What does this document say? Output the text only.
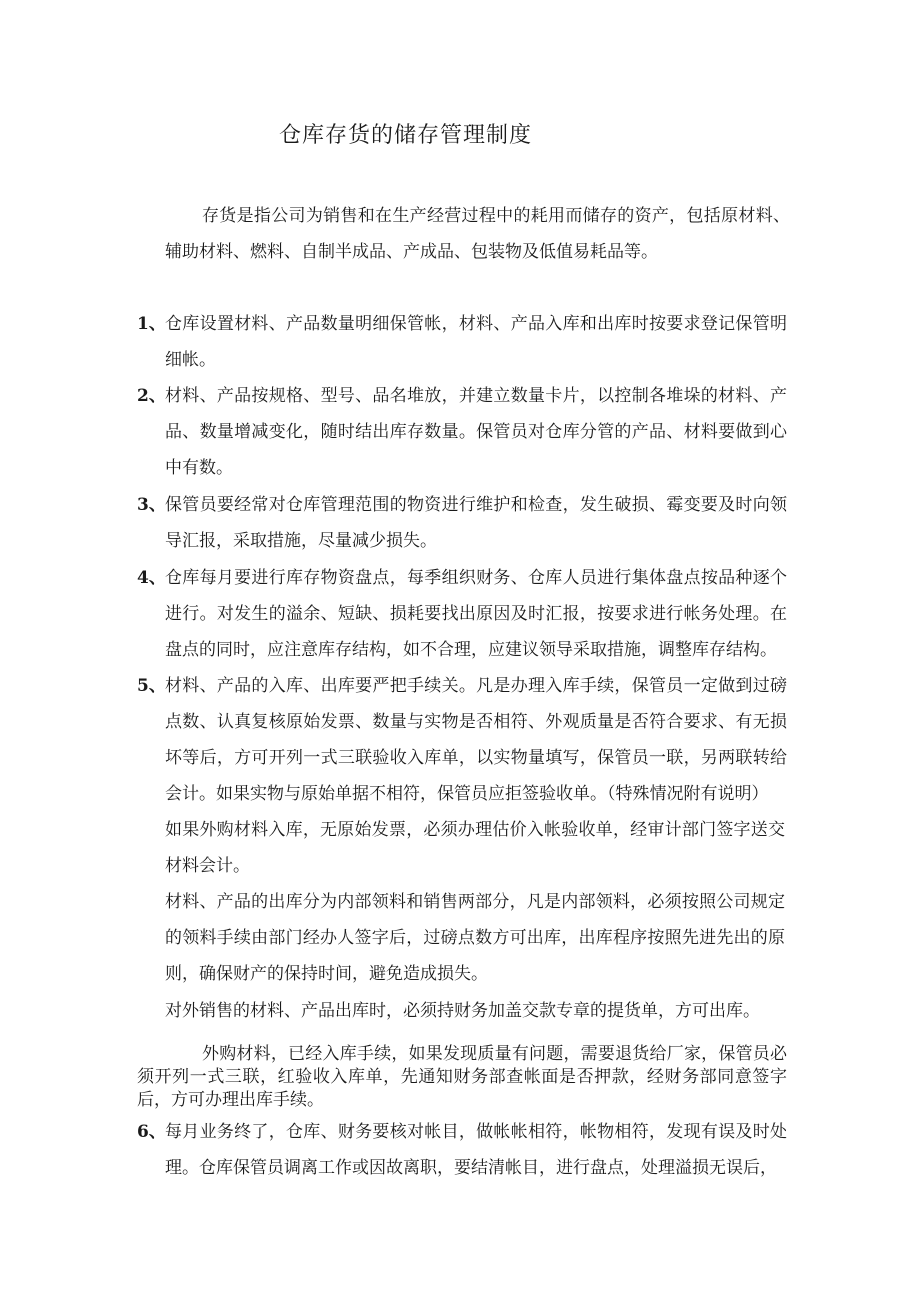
仓库存货的储存管理制度
存货是指公司为销售和在生产经营过程中的耗用而储存的资产，包括原材料、辅助材料、燃料、自制半成品、产成品、包装物及低值易耗品等。
1、 仓库设置材料、产品数量明细保管帐，材料、产品入库和出库时按要求登记保管明细帐。
2、 材料、产品按规格、型号、品名堆放，并建立数量卡片，以控制各堆垛的材料、产品、数量增减变化，随时结出库存数量。保管员对仓库分管的产品、材料要做到心中有数。
3、 保管员要经常对仓库管理范围的物资进行维护和检查，发生破损、霉变要及时向领导汇报，采取措施，尽量减少损失。
4、 仓库每月要进行库存物资盘点，每季组织财务、仓库人员进行集体盘点按品种逐个进行。对发生的溢余、短缺、损耗要找出原因及时汇报，按要求进行帐务处理。在盘点的同时，应注意库存结构，如不合理，应建议领导采取措施，调整库存结构。
5、 材料、产品的入库、出库要严把手续关。凡是办理入库手续，保管员一定做到过磅点数、认真复核原始发票、数量与实物是否相符、外观质量是否符合要求、有无损坏等后，方可开列一式三联验收入库单，以实物量填写，保管员一联，另两联转给会计。如果实物与原始单据不相符，保管员应拒签验收单。（特殊情况附有说明）
如果外购材料入库，无原始发票，必须办理估价入帐验收单，经审计部门签字送交材料会计。
材料、产品的出库分为内部领料和销售两部分，凡是内部领料，必须按照公司规定的领料手续由部门经办人签字后，过磅点数方可出库，出库程序按照先进先出的原则，确保财产的保持时间，避免造成损失。
对外销售的材料、产品出库时，必须持财务加盖交款专章的提货单，方可出库。
外购材料，已经入库手续，如果发现质量有问题，需要退货给厂家，保管员必须开列一式三联，红验收入库单，先通知财务部查帐面是否押款，经财务部同意签字后，方可办理出库手续。
6、 每月业务终了，仓库、财务要核对帐目，做帐帐相符，帐物相符，发现有误及时处理。仓库保管员调离工作或因故离职，要结清帐目，进行盘点，处理溢损无误后，
